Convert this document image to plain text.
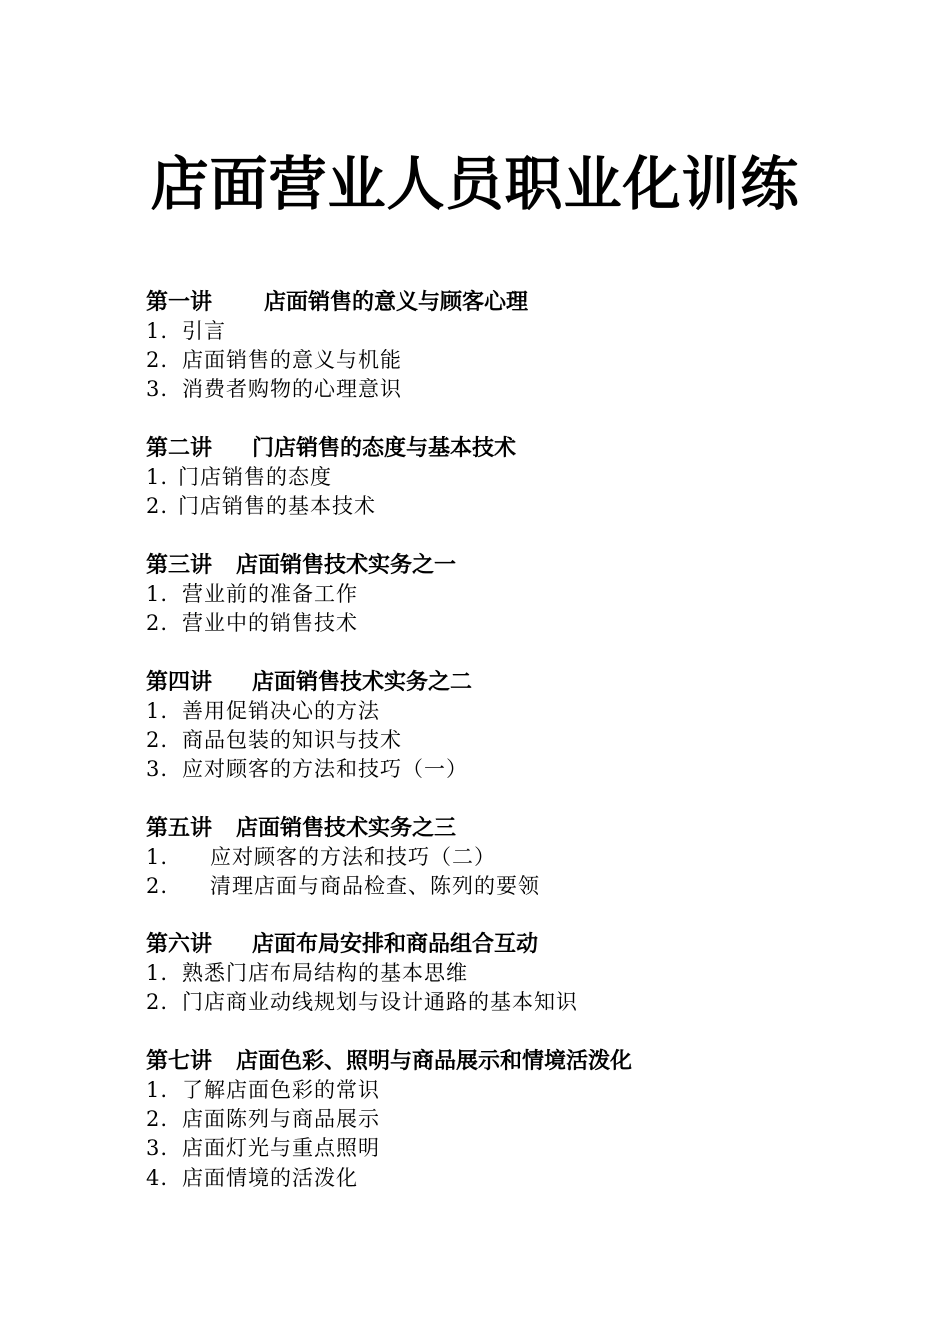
店面营业人员职业化训练
第一讲 店面销售的意义与顾客心理
1. 引言
2. 店面销售的意义与机能
3. 消费者购物的心理意识
第二讲 门店销售的态度与基本技术
1. 门店销售的态度
2. 门店销售的基本技术
第三讲 店面销售技术实务之一
1. 营业前的准备工作
2. 营业中的销售技术
第四讲 店面销售技术实务之二
1. 善用促销决心的方法
2. 商品包装的知识与技术
3. 应对顾客的方法和技巧（一）
第五讲 店面销售技术实务之三
1. 应对顾客的方法和技巧（二）
2. 清理店面与商品检查、陈列的要领
第六讲 店面布局安排和商品组合互动
1. 熟悉门店布局结构的基本思维
2. 门店商业动线规划与设计通路的基本知识
第七讲 店面色彩、照明与商品展示和情境活泼化
1. 了解店面色彩的常识
2. 店面陈列与商品展示
3. 店面灯光与重点照明
4. 店面情境的活泼化
